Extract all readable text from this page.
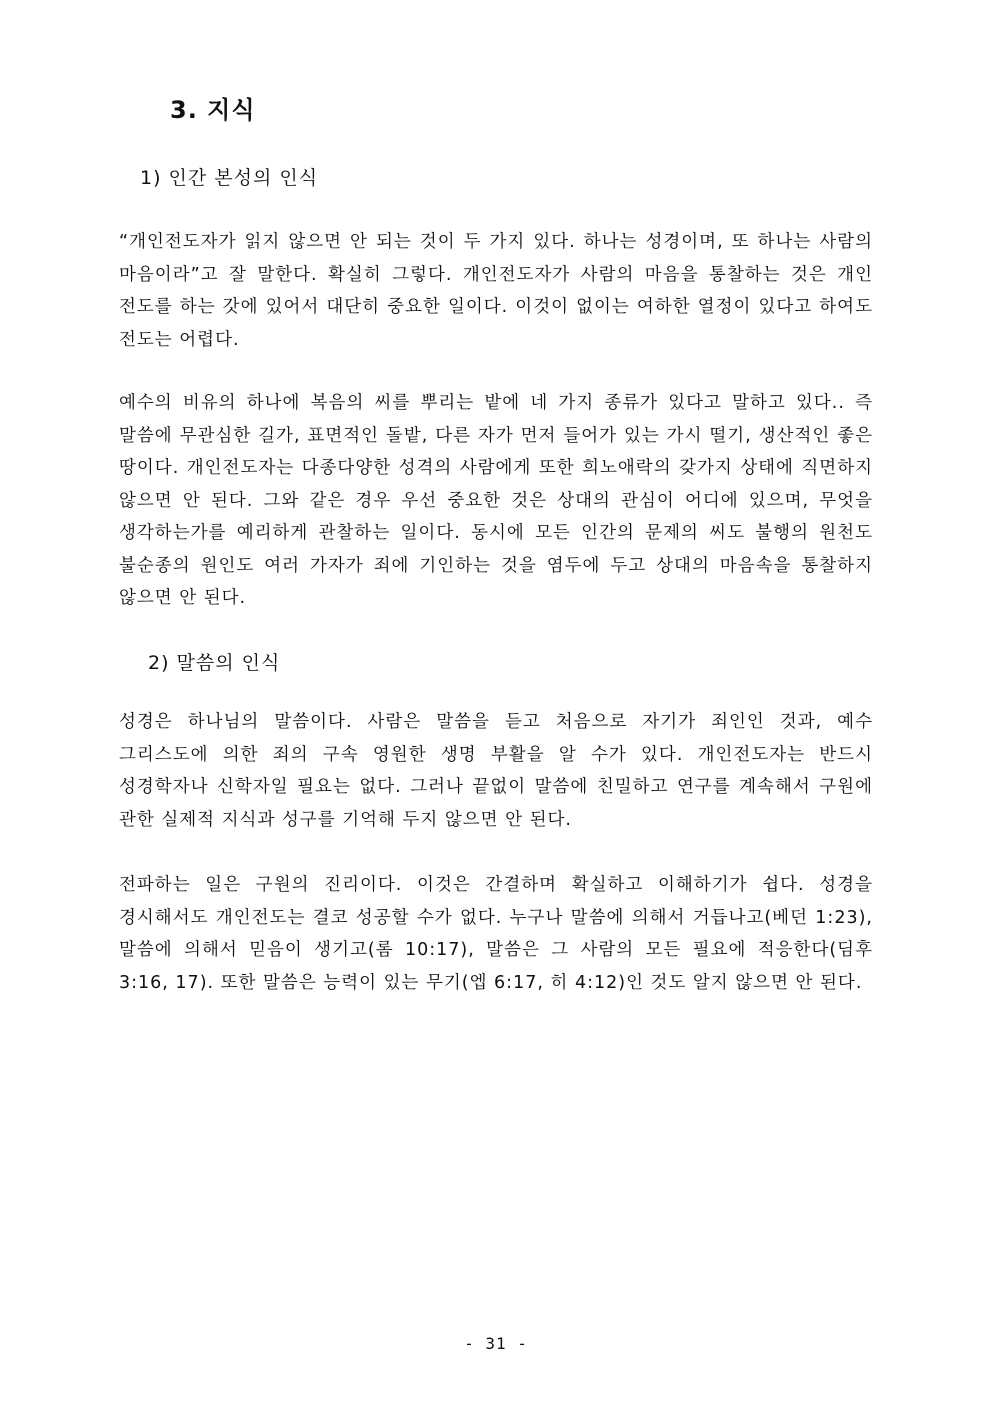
3. 지식
1) 인간 본성의 인식

“개인전도자가 읽지 않으면 안 되는 것이 두 가지 있다. 하나는 성경이며, 또 하나는 사람의 마음이라”고 잘 말한다. 확실히 그렇다. 개인전도자가 사람의 마음을 통찰하는 것은 개인 전도를 하는 갓에 있어서 대단히 중요한 일이다. 이것이 없이는 여하한 열정이 있다고 하여도 전도는 어렵다.

예수의 비유의 하나에 복음의 씨를 뿌리는 밭에 네 가지 종류가 있다고 말하고 있다.. 즉 말씀에 무관심한 길가, 표면적인 돌밭, 다른 자가 먼저 들어가 있는 가시 떨기, 생산적인 좋은 땅이다. 개인전도자는 다종다양한 성격의 사람에게 또한 희노애락의 갖가지 상태에 직면하지 않으면 안 된다. 그와 같은 경우 우선 중요한 것은 상대의 관심이 어디에 있으며, 무엇을 생각하는가를 예리하게 관찰하는 일이다. 동시에 모든 인간의 문제의 씨도 불행의 원천도 불순종의 원인도 여러 가자가 죄에 기인하는 것을 염두에 두고 상대의 마음속을 통찰하지 않으면 안 된다.

2) 말씀의 인식

성경은 하나님의 말씀이다. 사람은 말씀을 듣고 처음으로 자기가 죄인인 것과, 예수 그리스도에 의한 죄의 구속 영원한 생명 부활을 알 수가 있다. 개인전도자는 반드시 성경학자나 신학자일 필요는 없다. 그러나 끝없이 말씀에 친밀하고 연구를 계속해서 구원에 관한 실제적 지식과 성구를 기억해 두지 않으면 안 된다.

전파하는 일은 구원의 진리이다. 이것은 간결하며 확실하고 이해하기가 쉽다. 성경을 경시해서도 개인전도는 결코 성공할 수가 없다. 누구나 말씀에 의해서 거듭나고(베던 1:23), 말씀에 의해서 믿음이 생기고(롬 10:17), 말씀은 그 사람의 모든 필요에 적응한다(딤후 3:16, 17). 또한 말씀은 능력이 있는 무기(엡 6:17, 히 4:12)인 것도 알지 않으면 안 된다.

- 31 -
